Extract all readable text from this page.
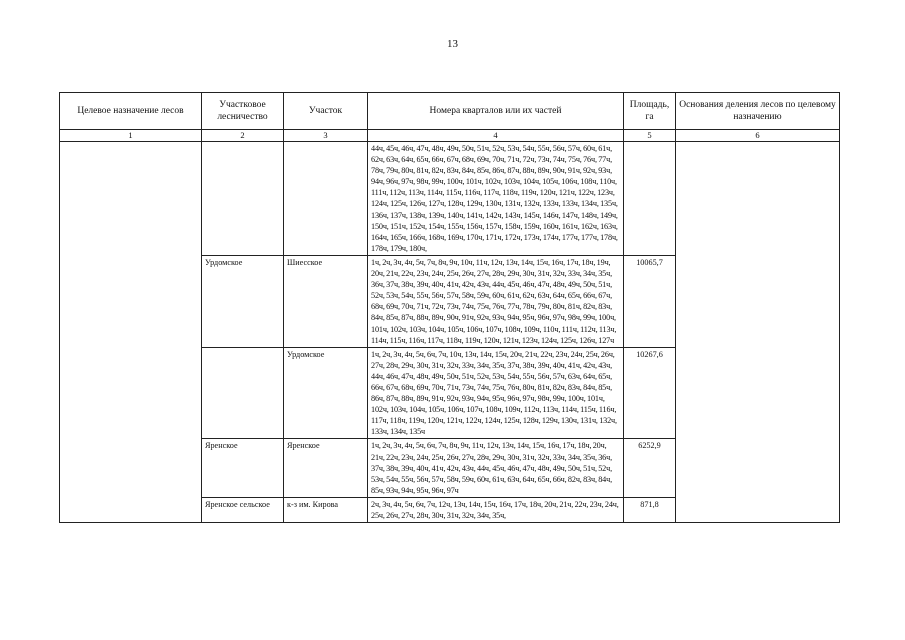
13
Целевое назначение лесов	Участковое лесничество	Участок	Номера кварталов или их частей	Площадь, га	Основания деления лесов по целевому назначению
1	2	3	4	5	6
			44ч, 45ч, 46ч, 47ч, 48ч, 49ч, 50ч, 51ч, 52ч, 53ч, 54ч, 55ч, 56ч, 57ч, 60ч, 61ч, 62ч, 63ч, 64ч, 65ч, 66ч, 67ч, 68ч, 69ч, 70ч, 71ч, 72ч, 73ч, 74ч, 75ч, 76ч, 77ч, 78ч, 79ч, 80ч, 81ч, 82ч, 83ч, 84ч, 85ч, 86ч, 87ч, 88ч, 89ч, 90ч, 91ч, 92ч, 93ч, 94ч, 96ч, 97ч, 98ч, 99ч, 100ч, 101ч, 102ч, 103ч, 104ч, 105ч, 106ч, 108ч, 110ч, 111ч, 112ч, 113ч, 114ч, 115ч, 116ч, 117ч, 118ч, 119ч, 120ч, 121ч, 122ч, 123ч, 124ч, 125ч, 126ч, 127ч, 128ч, 129ч, 130ч, 131ч, 132ч, 133ч, 133ч, 134ч, 135ч, 136ч, 137ч, 138ч, 139ч, 140ч, 141ч, 142ч, 143ч, 145ч, 146ч, 147ч, 148ч, 149ч, 150ч, 151ч, 152ч, 154ч, 155ч, 156ч, 157ч, 158ч, 159ч, 160ч, 161ч, 162ч, 163ч, 164ч, 165ч, 166ч, 168ч, 169ч, 170ч, 171ч, 172ч, 173ч, 174ч, 177ч, 177ч, 178ч, 178ч, 179ч, 180ч,		
	Урдомское	Шиесское	1ч, 2ч, 3ч, 4ч, 5ч, 7ч, 8ч, 9ч, 10ч, 11ч, 12ч, 13ч, 14ч, 15ч, 16ч, 17ч, 18ч, 19ч, 20ч, 21ч, 22ч, 23ч, 24ч, 25ч, 26ч, 27ч, 28ч, 29ч, 30ч, 31ч, 32ч, 33ч, 34ч, 35ч, 36ч, 37ч, 38ч, 39ч, 40ч, 41ч, 42ч, 43ч, 44ч, 45ч, 46ч, 47ч, 48ч, 49ч, 50ч, 51ч, 52ч, 53ч, 54ч, 55ч, 56ч, 57ч, 58ч, 59ч, 60ч, 61ч, 62ч, 63ч, 64ч, 65ч, 66ч, 67ч, 68ч, 69ч, 70ч, 71ч, 72ч, 73ч, 74ч, 75ч, 76ч, 77ч, 78ч, 79ч, 80ч, 81ч, 82ч, 83ч, 84ч, 85ч, 87ч, 88ч, 89ч, 90ч, 91ч, 92ч, 93ч, 94ч, 95ч, 96ч, 97ч, 98ч, 99ч, 100ч, 101ч, 102ч, 103ч, 104ч, 105ч, 106ч, 107ч, 108ч, 109ч, 110ч, 111ч, 112ч, 113ч, 114ч, 115ч, 116ч, 117ч, 118ч, 119ч, 120ч, 121ч, 123ч, 124ч, 125ч, 126ч, 127ч	10065,7	
		Урдомское	1ч, 2ч, 3ч, 4ч, 5ч, 6ч, 7ч, 10ч, 13ч, 14ч, 15ч, 20ч, 21ч, 22ч, 23ч, 24ч, 25ч, 26ч, 27ч, 28ч, 29ч, 30ч, 31ч, 32ч, 33ч, 34ч, 35ч, 37ч, 38ч, 39ч, 40ч, 41ч, 42ч, 43ч, 44ч, 46ч, 47ч, 48ч, 49ч, 50ч, 51ч, 52ч, 53ч, 54ч, 55ч, 56ч, 57ч, 63ч, 64ч, 65ч, 66ч, 67ч, 68ч, 69ч, 70ч, 71ч, 73ч, 74ч, 75ч, 76ч, 80ч, 81ч, 82ч, 83ч, 84ч, 85ч, 86ч, 87ч, 88ч, 89ч, 91ч, 92ч, 93ч, 94ч, 95ч, 96ч, 97ч, 98ч, 99ч, 100ч, 101ч, 102ч, 103ч, 104ч, 105ч, 106ч, 107ч, 108ч, 109ч, 112ч, 113ч, 114ч, 115ч, 116ч, 117ч, 118ч, 119ч, 120ч, 121ч, 122ч, 124ч, 125ч, 128ч, 129ч, 130ч, 131ч, 132ч, 133ч, 134ч, 135ч	10267,6	
	Яренское	Яренское	1ч, 2ч, 3ч, 4ч, 5ч, 6ч, 7ч, 8ч, 9ч, 11ч, 12ч, 13ч, 14ч, 15ч, 16ч, 17ч, 18ч, 20ч, 21ч, 22ч, 23ч, 24ч, 25ч, 26ч, 27ч, 28ч, 29ч, 30ч, 31ч, 32ч, 33ч, 34ч, 35ч, 36ч, 37ч, 38ч, 39ч, 40ч, 41ч, 42ч, 43ч, 44ч, 45ч, 46ч, 47ч, 48ч, 49ч, 50ч, 51ч, 52ч, 53ч, 54ч, 55ч, 56ч, 57ч, 58ч, 59ч, 60ч, 61ч, 63ч, 64ч, 65ч, 66ч, 82ч, 83ч, 84ч, 85ч, 93ч, 94ч, 95ч, 96ч, 97ч	6252,9	
	Яренское сельское	к-з им. Кирова	2ч, 3ч, 4ч, 5ч, 6ч, 7ч, 12ч, 13ч, 14ч, 15ч, 16ч, 17ч, 18ч, 20ч, 21ч, 22ч, 23ч, 24ч, 25ч, 26ч, 27ч, 28ч, 30ч, 31ч, 32ч, 34ч, 35ч,	871,8	
